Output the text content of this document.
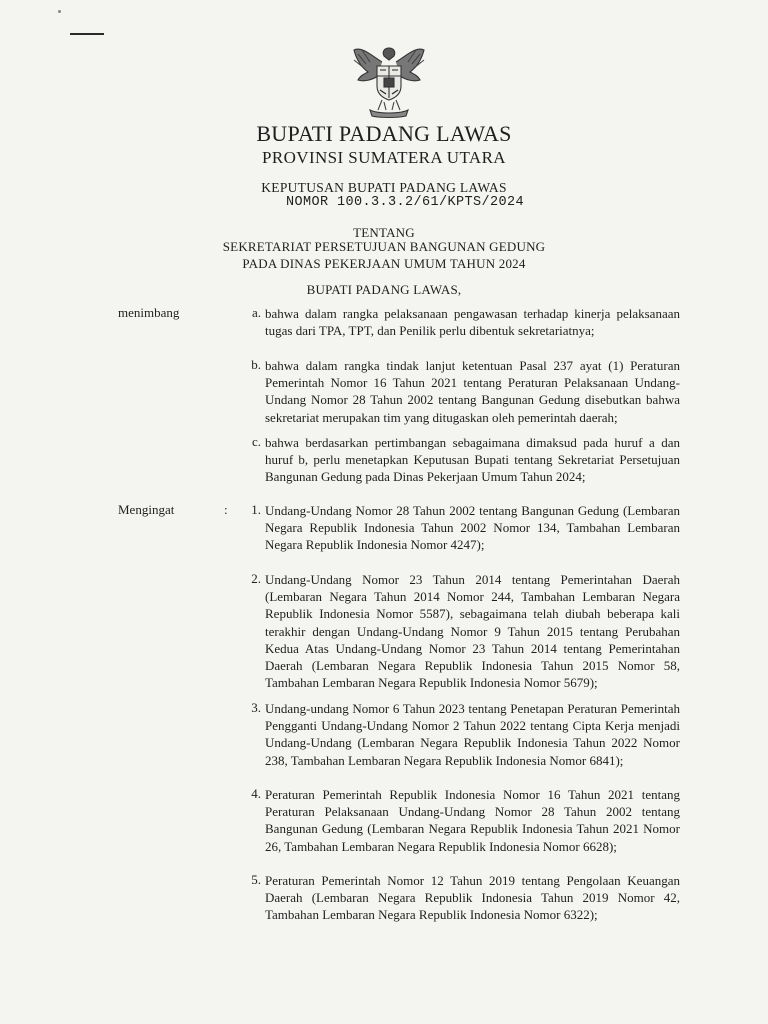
BUPATI PADANG LAWAS
PROVINSI SUMATERA UTARA
KEPUTUSAN BUPATI PADANG LAWAS
NOMOR 100.3.3.2/61/KPTS/2024
TENTANG
SEKRETARIAT PERSETUJUAN BANGUNAN GEDUNG
PADA DINAS PEKERJAAN UMUM TAHUN 2024
BUPATI PADANG LAWAS,
menimbang	a. bahwa dalam rangka pelaksanaan pengawasan terhadap kinerja pelaksanaan tugas dari TPA, TPT, dan Penilik perlu dibentuk sekretariatnya;
b. bahwa dalam rangka tindak lanjut ketentuan Pasal 237 ayat (1) Peraturan Pemerintah Nomor 16 Tahun 2021 tentang Peraturan Pelaksanaan Undang-Undang Nomor 28 Tahun 2002 tentang Bangunan Gedung disebutkan bahwa sekretariat merupakan tim yang ditugaskan oleh pemerintah daerah;
c. bahwa berdasarkan pertimbangan sebagaimana dimaksud pada huruf a dan huruf b, perlu menetapkan Keputusan Bupati tentang Sekretariat Persetujuan Bangunan Gedung pada Dinas Pekerjaan Umum Tahun 2024;
Mengingat	:	1. Undang-Undang Nomor 28 Tahun 2002 tentang Bangunan Gedung (Lembaran Negara Republik Indonesia Tahun 2002 Nomor 134, Tambahan Lembaran Negara Republik Indonesia Nomor 4247);
2. Undang-Undang Nomor 23 Tahun 2014 tentang Pemerintahan Daerah (Lembaran Negara Tahun 2014 Nomor 244, Tambahan Lembaran Negara Republik Indonesia Nomor 5587), sebagaimana telah diubah beberapa kali terakhir dengan Undang-Undang Nomor 9 Tahun 2015 tentang Perubahan Kedua Atas Undang-Undang Nomor 23 Tahun 2014 tentang Pemerintahan Daerah (Lembaran Negara Republik Indonesia Tahun 2015 Nomor 58, Tambahan Lembaran Negara Republik Indonesia Nomor 5679);
3. Undang-undang Nomor 6 Tahun 2023 tentang Penetapan Peraturan Pemerintah Pengganti Undang-Undang Nomor 2 Tahun 2022 tentang Cipta Kerja menjadi Undang-Undang (Lembaran Negara Republik Indonesia Tahun 2022 Nomor 238, Tambahan Lembaran Negara Republik Indonesia Nomor 6841);
4. Peraturan Pemerintah Republik Indonesia Nomor 16 Tahun 2021 tentang Peraturan Pelaksanaan Undang-Undang Nomor 28 Tahun 2002 tentang Bangunan Gedung (Lembaran Negara Republik Indonesia Tahun 2021 Nomor 26, Tambahan Lembaran Negara Republik Indonesia Nomor 6628);
5. Peraturan Pemerintah Nomor 12 Tahun 2019 tentang Pengolaan Keuangan Daerah (Lembaran Negara Republik Indonesia Tahun 2019 Nomor 42, Tambahan Lembaran Negara Republik Indonesia Nomor 6322);
